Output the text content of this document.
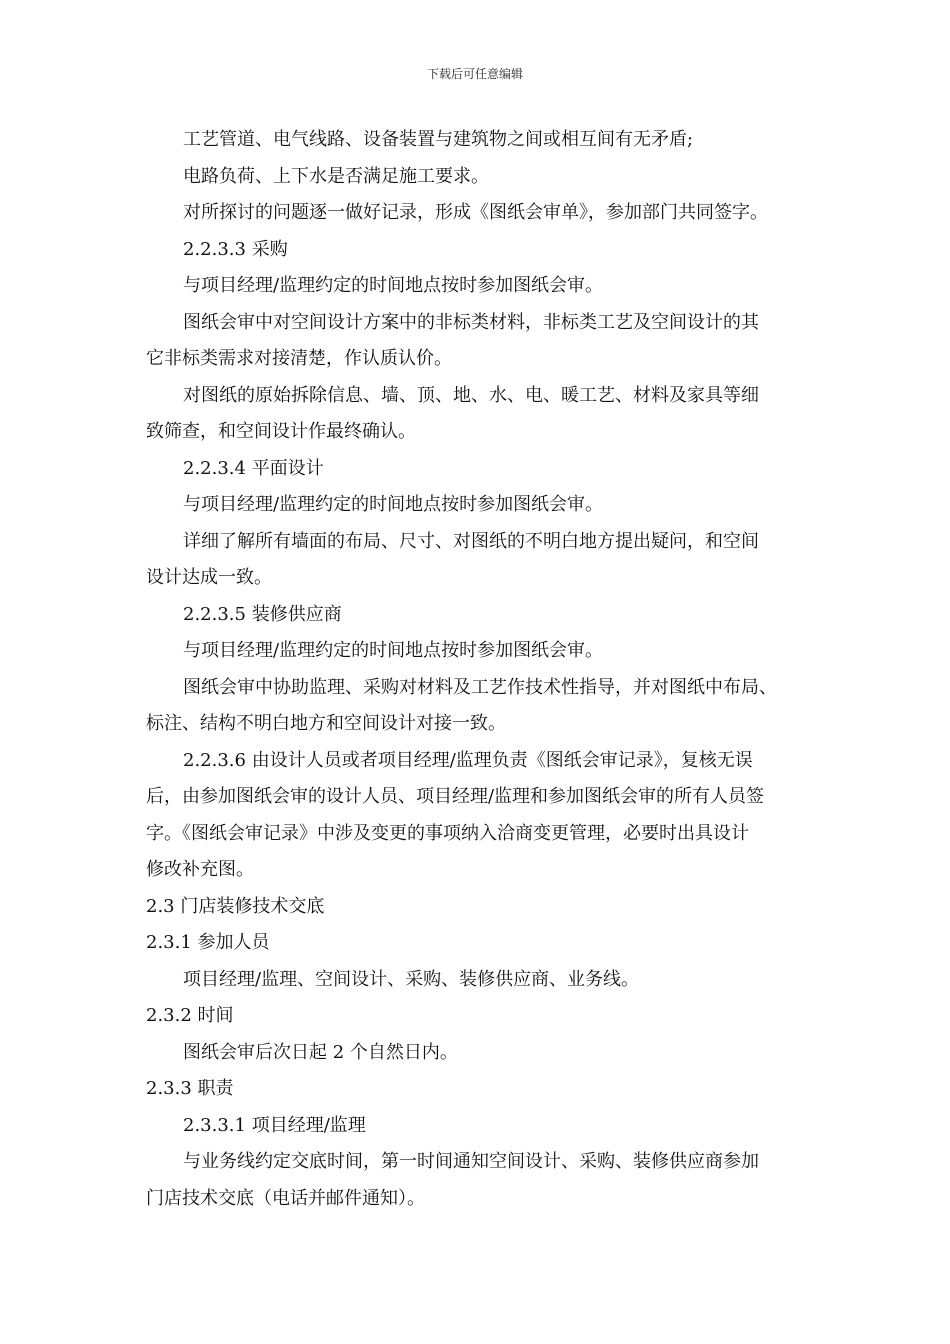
下载后可任意编辑
工艺管道、电气线路、设备装置与建筑物之间或相互间有无矛盾;
电路负荷、上下水是否满足施工要求。
对所探讨的问题逐一做好记录，形成《图纸会审单》，参加部门共同签字。
2.2.3.3 采购
与项目经理/监理约定的时间地点按时参加图纸会审。
图纸会审中对空间设计方案中的非标类材料，非标类工艺及空间设计的其
它非标类需求对接清楚，作认质认价。
对图纸的原始拆除信息、墙、顶、地、水、电、暖工艺、材料及家具等细
致筛查，和空间设计作最终确认。
2.2.3.4 平面设计
与项目经理/监理约定的时间地点按时参加图纸会审。
详细了解所有墙面的布局、尺寸、对图纸的不明白地方提出疑问，和空间
设计达成一致。
2.2.3.5 装修供应商
与项目经理/监理约定的时间地点按时参加图纸会审。
图纸会审中协助监理、采购对材料及工艺作技术性指导，并对图纸中布局、
标注、结构不明白地方和空间设计对接一致。
2.2.3.6 由设计人员或者项目经理/监理负责《图纸会审记录》，复核无误
后，由参加图纸会审的设计人员、项目经理/监理和参加图纸会审的所有人员签
字。《图纸会审记录》中涉及变更的事项纳入洽商变更管理，必要时出具设计
修改补充图。
2.3 门店装修技术交底
2.3.1 参加人员
项目经理/监理、空间设计、采购、装修供应商、业务线。
2.3.2 时间
图纸会审后次日起 2 个自然日内。
2.3.3 职责
2.3.3.1 项目经理/监理
与业务线约定交底时间，第一时间通知空间设计、采购、装修供应商参加
门店技术交底（电话并邮件通知）。
